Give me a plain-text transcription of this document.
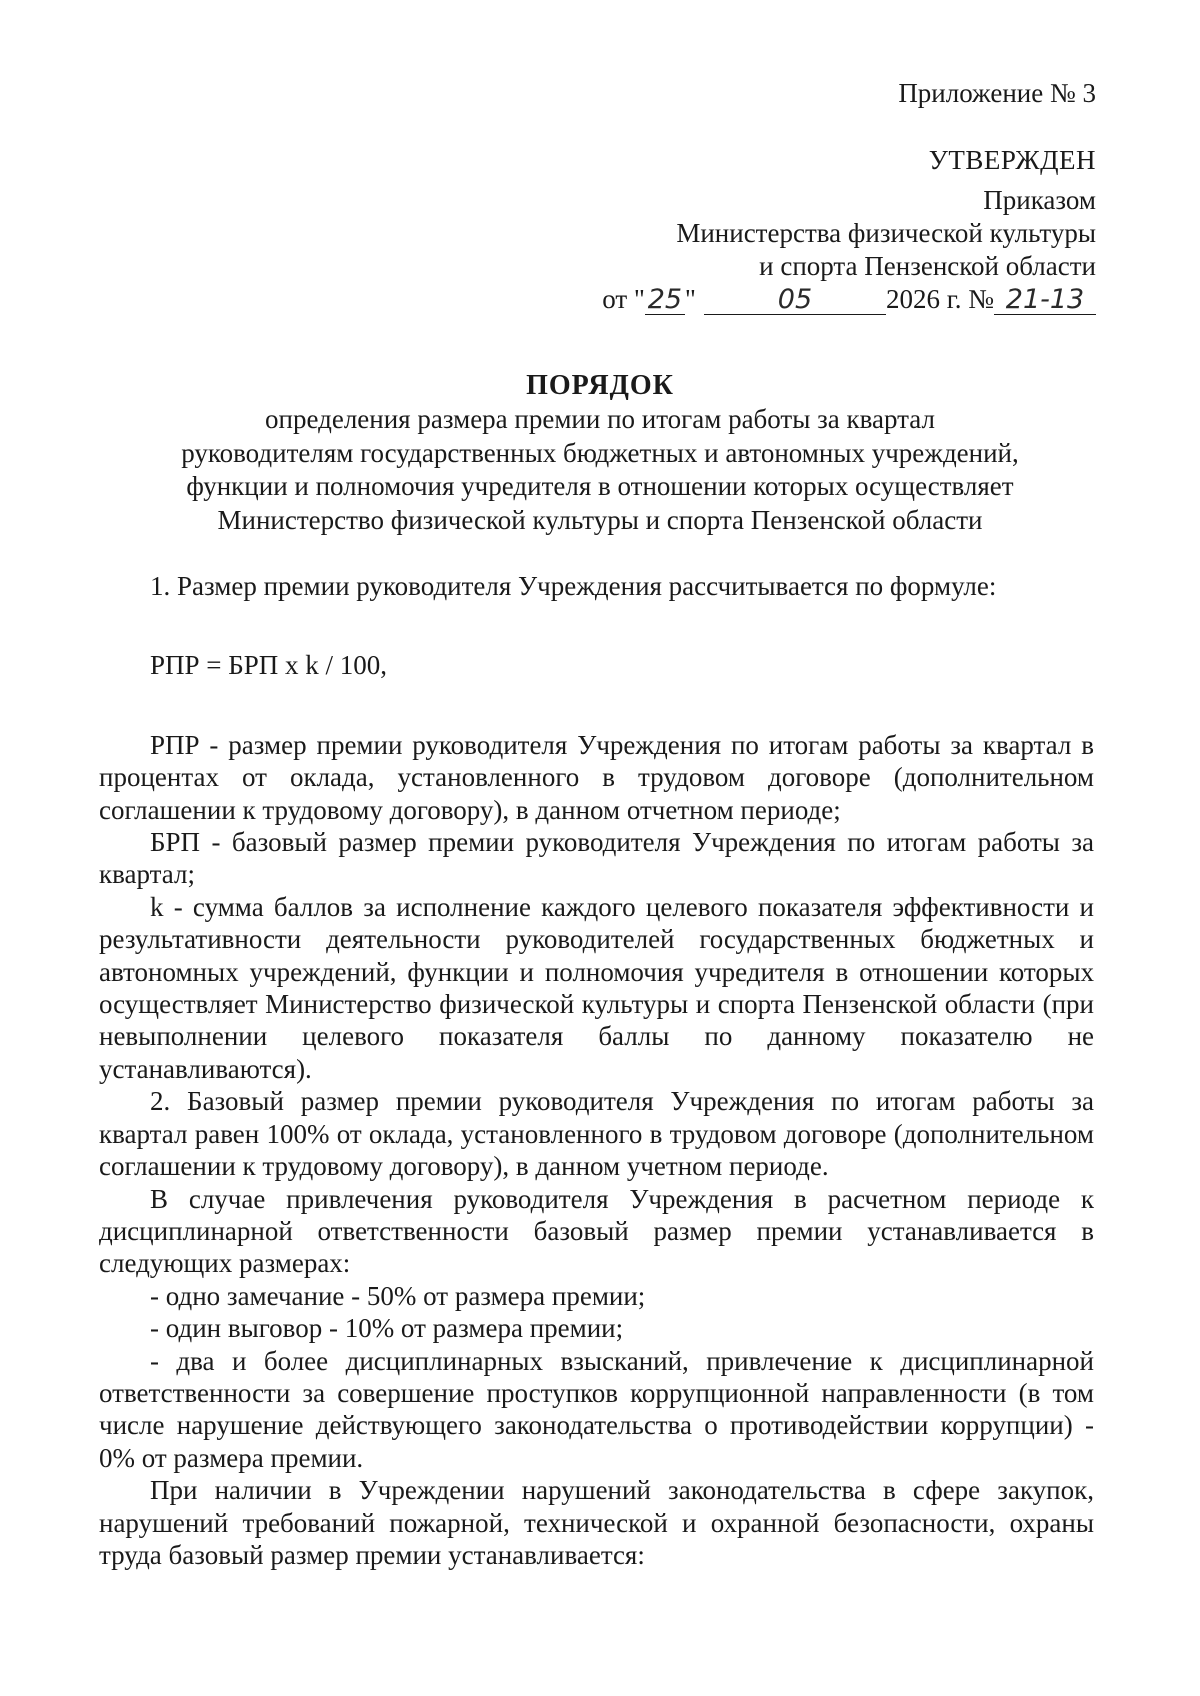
Приложение № 3
УТВЕРЖДЕН
Приказом
Министерства физической культуры
и спорта Пензенской области
от " 25 "	05	2026 г. № 21-13
ПОРЯДОК
определения размера премии по итогам работы за квартал
руководителям государственных бюджетных и автономных учреждений,
функции и полномочия учредителя в отношении которых осуществляет
Министерство физической культуры и спорта Пензенской области

1. Размер премии руководителя Учреждения рассчитывается по формуле:

РПР = БРП x k / 100,

РПР - размер премии руководителя Учреждения по итогам работы за квартал в процентах от оклада, установленного в трудовом договоре (дополнительном соглашении к трудовому договору), в данном отчетном периоде;

БРП - базовый размер премии руководителя Учреждения по итогам работы за квартал;

k - сумма баллов за исполнение каждого целевого показателя эффективности и результативности деятельности руководителей государственных бюджетных и автономных учреждений, функции и полномочия учредителя в отношении которых осуществляет Министерство физической культуры и спорта Пензенской области (при невыполнении целевого показателя баллы по данному показателю не устанавливаются).

2. Базовый размер премии руководителя Учреждения по итогам работы за квартал равен 100% от оклада, установленного в трудовом договоре (дополнительном соглашении к трудовому договору), в данном учетном периоде.

В случае привлечения руководителя Учреждения в расчетном периоде к дисциплинарной ответственности базовый размер премии устанавливается в следующих размерах:

- одно замечание - 50% от размера премии;

- один выговор - 10% от размера премии;

- два и более дисциплинарных взысканий, привлечение к дисциплинарной ответственности за совершение проступков коррупционной направленности (в том числе нарушение действующего законодательства о противодействии коррупции) - 0% от размера премии.

При наличии в Учреждении нарушений законодательства в сфере закупок, нарушений требований пожарной, технической и охранной безопасности, охраны труда базовый размер премии устанавливается:
